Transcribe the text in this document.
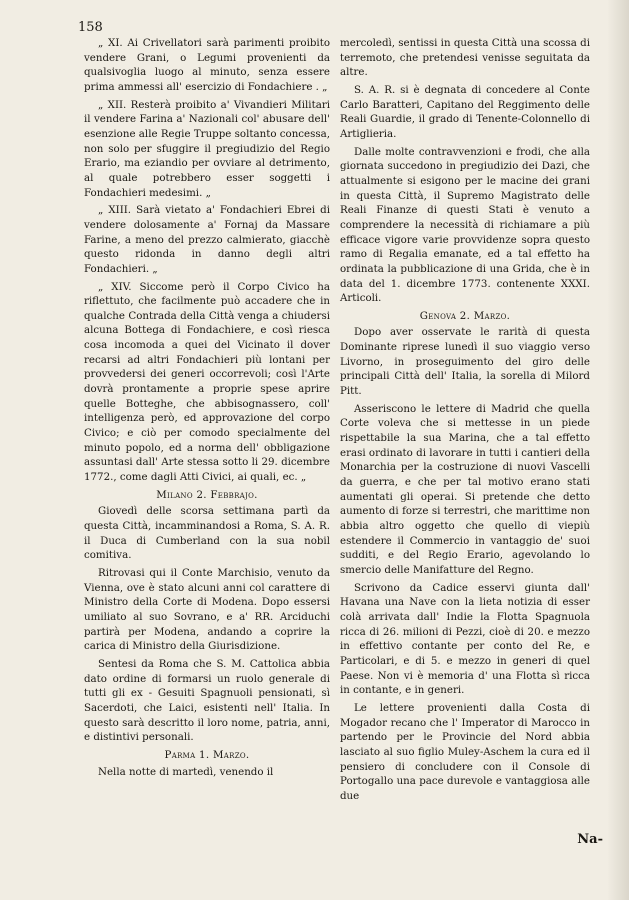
158

„ XI. Ai Crivellatori sarà parimenti proibito vendere Grani, o Legumi provenienti da qualsivoglia luogo al minuto, senza essere prima ammessi all' esercizio di Fondachiere . „

„ XII. Resterà proibito a' Vivandieri Militari il vendere Farina a' Nazionali col' abusare dell' esenzione alle Regie Truppe soltanto concessa, non solo per sfuggire il pregiudizio del Regio Erario, ma eziandio per ovviare al detrimento, al quale potrebbero esser soggetti i Fondachieri medesimi. „

„ XIII. Sarà vietato a' Fondachieri Ebrei di vendere dolosamente a' Fornaj da Massare Farine, a meno del prezzo calmierato, giacchè questo ridonda in danno degli altri Fondachieri. „

„ XIV. Siccome però il Corpo Civico ha riflettuto, che facilmente può accadere che in qualche Contrada della Città venga a chiudersi alcuna Bottega di Fondachiere, e così riesca cosa incomoda a quei del Vicinato il dover recarsi ad altri Fondachieri più lontani per provvedersi dei generi occorrevoli; così l'Arte dovrà prontamente a proprie spese aprire quelle Botteghe, che abbisognassero, coll' intelligenza però, ed approvazione del corpo Civico; e ciò per comodo specialmente del minuto popolo, ed a norma dell' obbligazione assuntasi dall' Arte stessa sotto li 29. dicembre 1772., come dagli Atti Civici, ai quali, ec. „

Milano 2. Febbrajo.

Giovedì delle scorsa settimana partì da questa Città, incamminandosi a Roma, S. A. R. il Duca di Cumberland con la sua nobil comitiva.

Ritrovasi qui il Conte Marchisio, venuto da Vienna, ove è stato alcuni anni col carattere di Ministro della Corte di Modena. Dopo essersi umiliato al suo Sovrano, e a' RR. Arciduchi partirà per Modena, andando a coprire la carica di Ministro della Giurisdizione.

Sentesi da Roma che S. M. Cattolica abbia dato ordine di formarsi un ruolo generale di tutti gli ex - Gesuiti Spagnuoli pensionati, sì Sacerdoti, che Laici, esistenti nell' Italia. In questo sarà descritto il loro nome, patria, anni, e distintivi personali.

Parma 1. Marzo.

Nella notte di martedì, venendo il

mercoledì, sentissi in questa Città una scossa di terremoto, che pretendesi venisse seguitata da altre.

S. A. R. si è degnata di concedere al Conte Carlo Baratteri, Capitano del Reggimento delle Reali Guardie, il grado di Tenente-Colonnello di Artiglieria.

Dalle molte contravvenzioni e frodi, che alla giornata succedono in pregiudizio dei Dazi, che attualmente si esigono per le macine dei grani in questa Città, il Supremo Magistrato delle Reali Finanze di questi Stati è venuto a comprendere la necessità di richiamare a più efficace vigore varie provvidenze sopra questo ramo di Regalia emanate, ed a tal effetto ha ordinata la pubblicazione di una Grida, che è in data del 1. dicembre 1773. contenente XXXI. Articoli.

Genova 2. Marzo.

Dopo aver osservate le rarità di questa Dominante riprese lunedì il suo viaggio verso Livorno, in proseguimento del giro delle principali Città dell' Italia, la sorella di Milord Pitt.

Asserisconо le lettere di Madrid che quella Corte voleva che si mettesse in un piede rispettabile la sua Marina, che a tal effetto erasi ordinato di lavorare in tutti i cantieri della Monarchia per la costruzione di nuovi Vascelli da guerra, e che per tal motivo erano stati aumentati gli operai. Si pretende che detto aumento di forze si terrestri, che marittime non abbia altro oggetto che quello di viepiù estendere il Commercio in vantaggio de' suoi sudditi, e del Regio Erario, agevolando lo smercio delle Manifatture del Regno.

Scrivono da Cadice esservi giunta dall' Havana una Nave con la lieta notizia di esser colà arrivata dall' Indie la Flotta Spagnuola ricca di 26. milioni di Pezzi, cioè di 20. e mezzo in effettivo contante per conto del Re, e Particolari, e di 5. e mezzo in generi di quel Paese. Non vi è memoria d' una Flotta sì ricca in contante, e in generi.

Le lettere provenienti dalla Costa di Mogador recano che l' Imperator di Marocco in partendo per le Provincie del Nord abbia lasciato al suo figlio Muley-Aschem la cura ed il pensiero di concludere con il Console di Portogallo una pace durevole e vantaggiosa alle due

Na-
